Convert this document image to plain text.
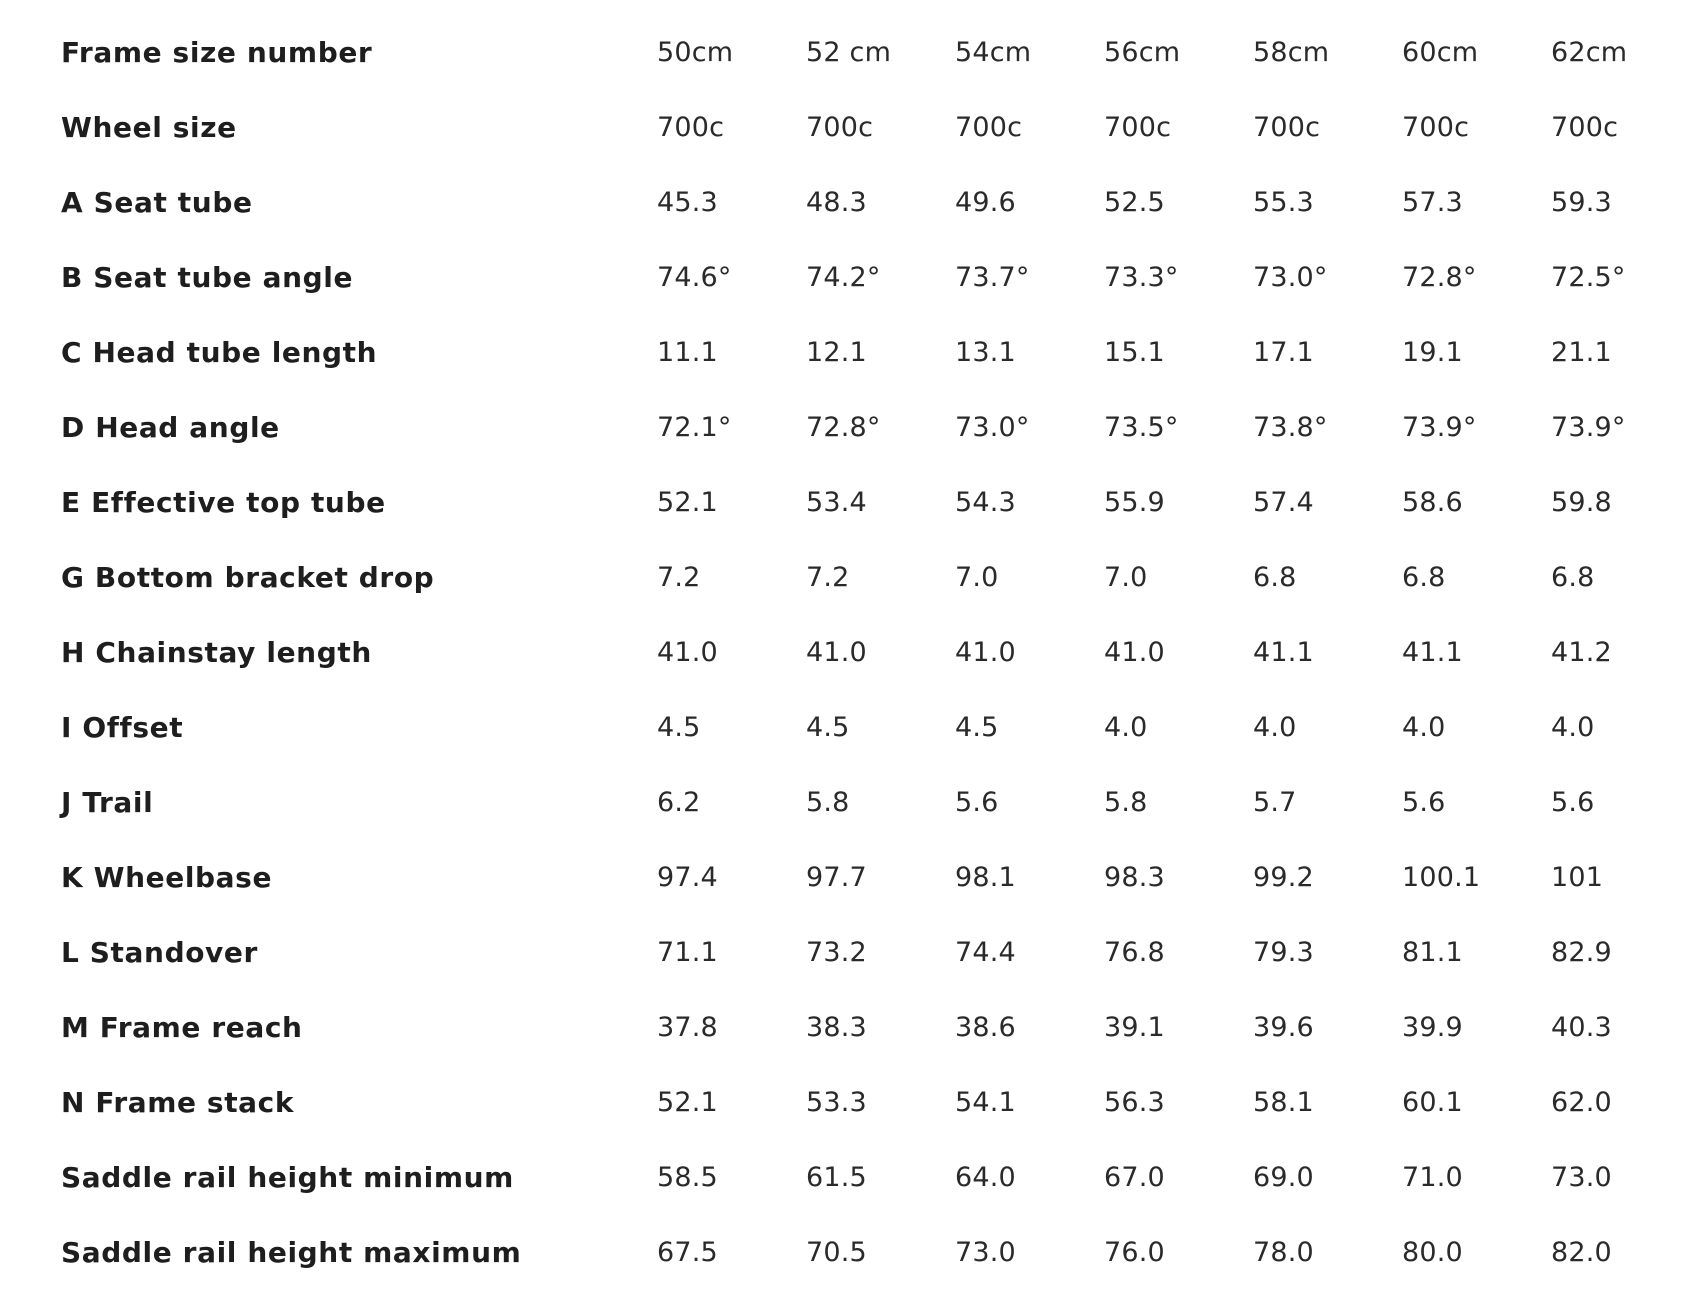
Frame size number	50cm	52 cm	54cm	56cm	58cm	60cm	62cm
Wheel size	700c	700c	700c	700c	700c	700c	700c
A Seat tube	45.3	48.3	49.6	52.5	55.3	57.3	59.3
B Seat tube angle	74.6°	74.2°	73.7°	73.3°	73.0°	72.8°	72.5°
C Head tube length	11.1	12.1	13.1	15.1	17.1	19.1	21.1
D Head angle	72.1°	72.8°	73.0°	73.5°	73.8°	73.9°	73.9°
E Effective top tube	52.1	53.4	54.3	55.9	57.4	58.6	59.8
G Bottom bracket drop	7.2	7.2	7.0	7.0	6.8	6.8	6.8
H Chainstay length	41.0	41.0	41.0	41.0	41.1	41.1	41.2
I Offset	4.5	4.5	4.5	4.0	4.0	4.0	4.0
J Trail	6.2	5.8	5.6	5.8	5.7	5.6	5.6
K Wheelbase	97.4	97.7	98.1	98.3	99.2	100.1	101
L Standover	71.1	73.2	74.4	76.8	79.3	81.1	82.9
M Frame reach	37.8	38.3	38.6	39.1	39.6	39.9	40.3
N Frame stack	52.1	53.3	54.1	56.3	58.1	60.1	62.0
Saddle rail height minimum	58.5	61.5	64.0	67.0	69.0	71.0	73.0
Saddle rail height maximum	67.5	70.5	73.0	76.0	78.0	80.0	82.0
